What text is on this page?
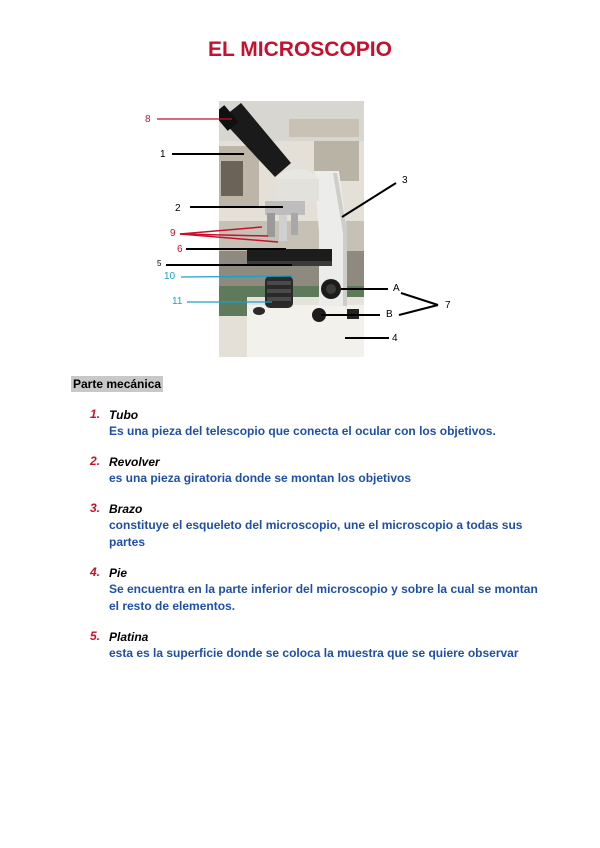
EL MICROSCOPIO
8
1
2
3
9
6
5
10
11
A
B
7
4
Parte mecánica
1. Tubo
Es una pieza del telescopio que conecta el ocular con los objetivos.
2. Revolver
es una pieza giratoria donde se montan los objetivos
3. Brazo
constituye el esqueleto del microscopio, une el microscopio a todas sus partes
4. Pie
Se encuentra en la parte inferior del microscopio y sobre la cual se montan el resto de elementos.
5. Platina
esta es la superficie donde se coloca la muestra que se quiere observar
